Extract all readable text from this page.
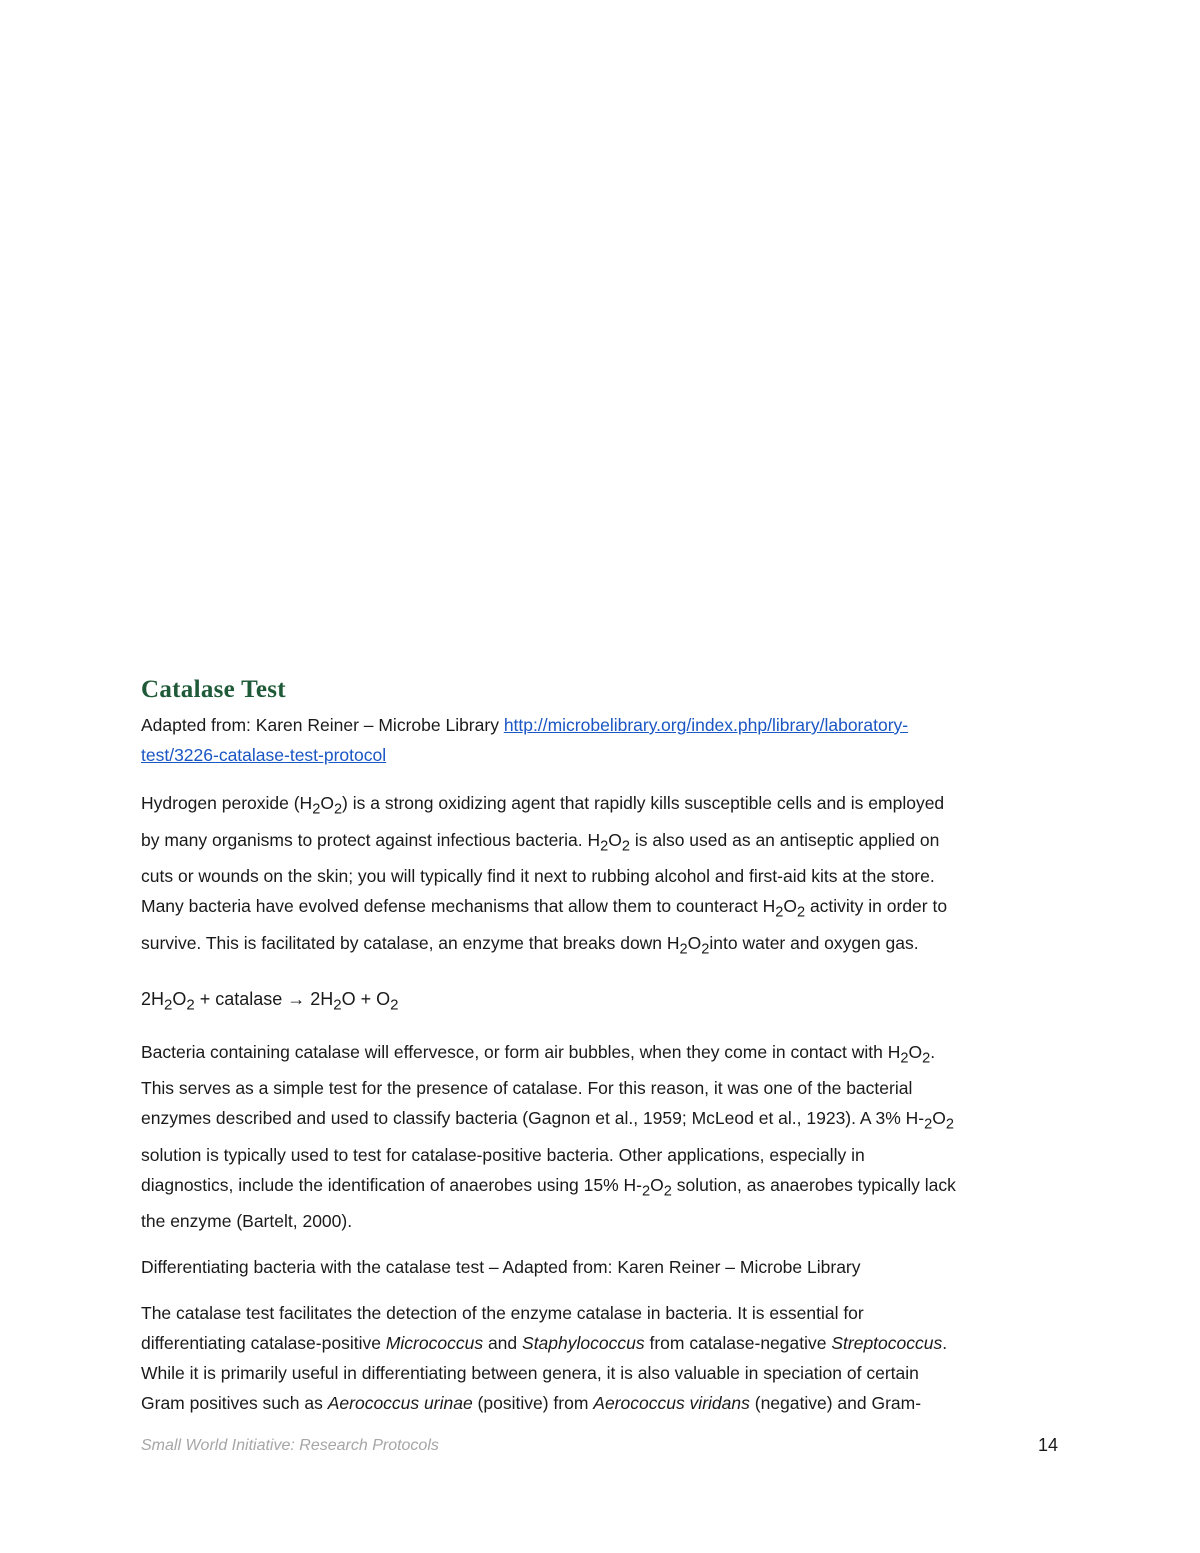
Catalase Test

Adapted from: Karen Reiner – Microbe Library http://microbelibrary.org/index.php/library/laboratory-
test/3226-catalase-test-protocol

Hydrogen peroxide $(H_2O_2)$ is a strong oxidizing agent that rapidly kills susceptible cells and is employed
by many organisms to protect against infectious bacteria. $H_2O_2$ is also used as an antiseptic applied on
cuts or wounds on the skin; you will typically find it next to rubbing alcohol and first-aid kits at the store.
Many bacteria have evolved defense mechanisms that allow them to counteract $H_2O_2$ activity in order to
survive. This is facilitated by catalase, an enzyme that breaks down $H_2O_2into$ water and oxygen gas.

$2H_2O_2$ + catalase → $2H_2O + O_2$

Bacteria containing catalase will effervesce, or form air bubbles, when they come in contact with $H_2O_2$.
This serves as a simple test for the presence of catalase. For this reason, it was one of the bacterial
enzymes described and used to classify bacteria (Gagnon et al., 1959; McLeod et al., 1923). A 3% $H-_2O_2$
solution is typically used to test for catalase-positive bacteria. Other applications, especially in
diagnostics, include the identification of anaerobes using 15% $H-_2O_2$ solution, as anaerobes typically lack
the enzyme (Bartelt, 2000).

Differentiating bacteria with the catalase test – Adapted from: Karen Reiner – Microbe Library

The catalase test facilitates the detection of the enzyme catalase in bacteria. It is essential for
differentiating catalase-positive Micrococcus and Staphylococcus from catalase-negative Streptococcus.
While it is primarily useful in differentiating between genera, it is also valuable in speciation of certain
Gram positives such as Aerococcus urinae (positive) from Aerococcus viridans (negative) and Gram-

Small World Initiative: Research Protocols	14
